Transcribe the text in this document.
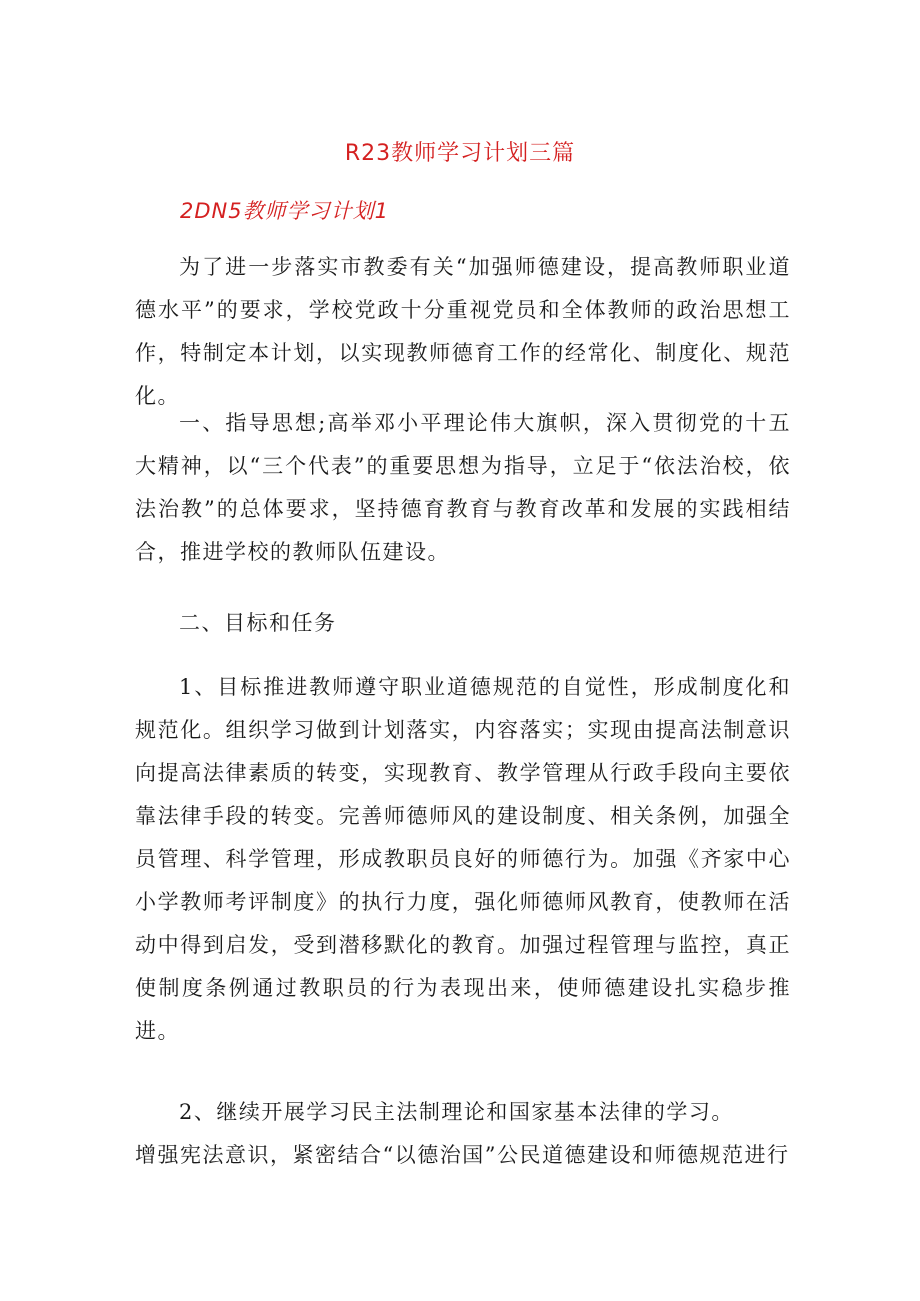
R23教师学习计划三篇
2DN5教师学习计划1

为了进一步落实市教委有关“加强师德建设，提高教师职业道德水平”的要求，学校党政十分重视党员和全体教师的政治思想工作，特制定本计划，以实现教师德育工作的经常化、制度化、规范化。

一、指导思想;高举邓小平理论伟大旗帜，深入贯彻党的十五大精神，以“三个代表”的重要思想为指导，立足于“依法治校，依法治教”的总体要求，坚持德育教育与教育改革和发展的实践相结合，推进学校的教师队伍建设。

二、目标和任务

1、目标推进教师遵守职业道德规范的自觉性，形成制度化和规范化。组织学习做到计划落实，内容落实；实现由提高法制意识向提高法律素质的转变，实现教育、教学管理从行政手段向主要依靠法律手段的转变。完善师德师风的建设制度、相关条例，加强全员管理、科学管理，形成教职员良好的师德行为。加强《齐家中心小学教师考评制度》的执行力度，强化师德师风教育，使教师在活动中得到启发，受到潜移默化的教育。加强过程管理与监控，真正使制度条例通过教职员的行为表现出来，使师德建设扎实稳步推进。

2、继续开展学习民主法制理论和国家基本法律的学习。

增强宪法意识，紧密结合“以德治国”公民道德建设和师德规范进行
